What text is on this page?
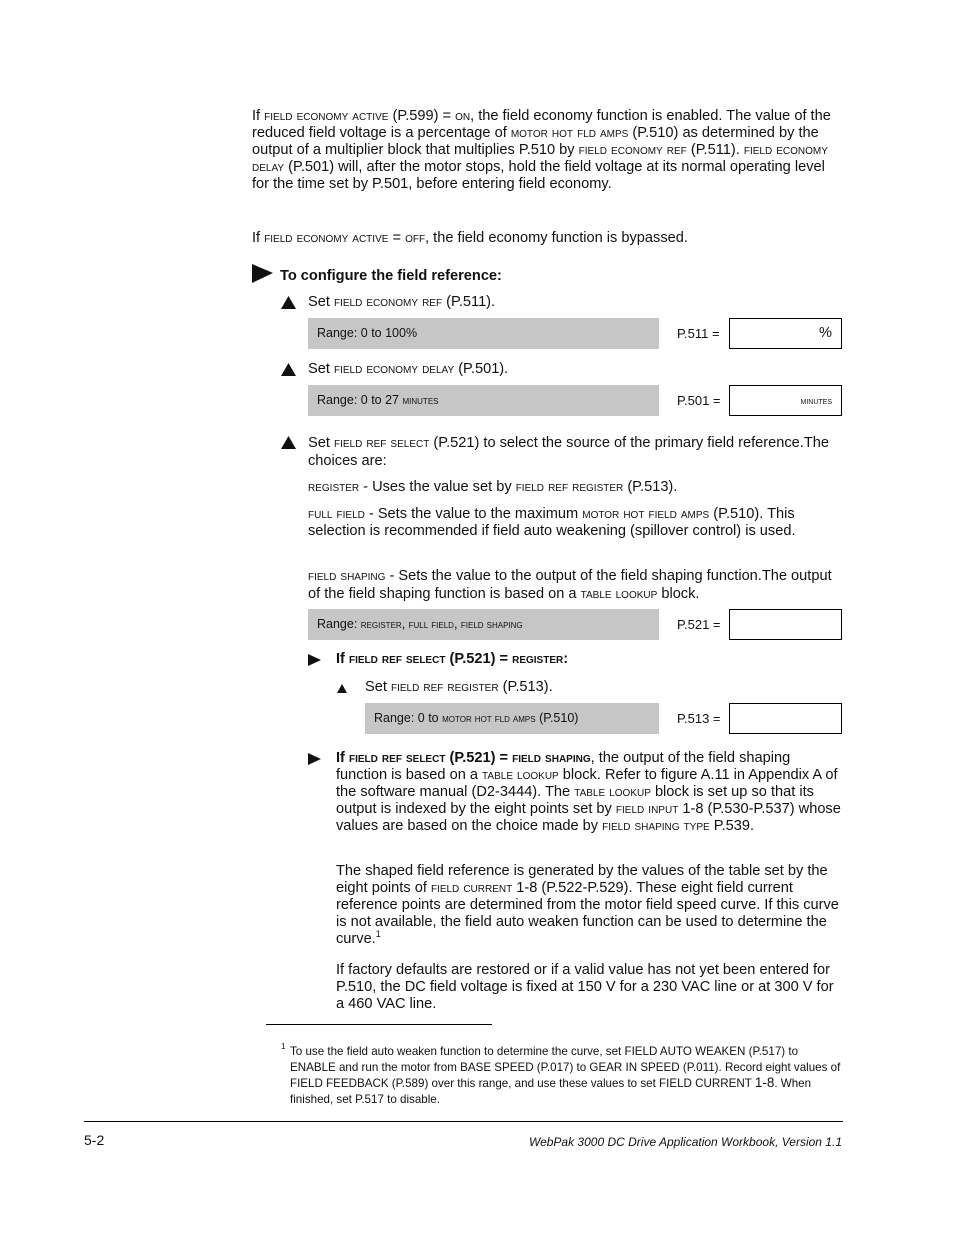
If field economy active (P.599) = on, the field economy function is enabled. The value of the reduced field voltage is a percentage of motor hot fld amps (P.510) as determined by the output of a multiplier block that multiplies P.510 by field economy ref (P.511). field economy delay (P.501) will, after the motor stops, hold the field voltage at its normal operating level for the time set by P.501, before entering field economy.

If field economy active = off, the field economy function is bypassed.

To configure the field reference:

Set field economy ref (P.511).

Range: 0 to 100%	P.511 =	%

Set field economy delay (P.501).

Range: 0 to 27 minutes	P.501 =	minutes

Set field ref select (P.521) to select the source of the primary field reference.The choices are:

register - Uses the value set by field ref register (P.513).

full field - Sets the value to the maximum motor hot field amps (P.510). This selection is recommended if field auto weakening (spillover control) is used.

field shaping - Sets the value to the output of the field shaping function.The output of the field shaping function is based on a table lookup block.

Range: register, full field, field shaping	P.521 =

If field ref select (P.521) = register:

Set field ref register (P.513).

Range: 0 to motor hot fld amps (P.510)	P.513 =

If field ref select (P.521) = field shaping, the output of the field shaping function is based on a table lookup block. Refer to figure A.11 in Appendix A of the software manual (D2-3444). The table lookup block is set up so that its output is indexed by the eight points set by field input 1-8 (P.530-P.537) whose values are based on the choice made by field shaping type P.539.

The shaped field reference is generated by the values of the table set by the eight points of field current 1-8 (P.522-P.529). These eight field current reference points are determined from the motor field speed curve. If this curve is not available, the field auto weaken function can be used to determine the curve.$^1$

If factory defaults are restored or if a valid value has not yet been entered for P.510, the DC field voltage is fixed at 150 V for a 230 VAC line or at 300 V for a 460 VAC line.

1 To use the field auto weaken function to determine the curve, set FIELD AUTO WEAKEN (P.517) to ENABLE and run the motor from BASE SPEED (P.017) to GEAR IN SPEED (P.011). Record eight values of FIELD FEEDBACK (P.589) over this range, and use these values to set FIELD CURRENT 1-8. When finished, set P.517 to disable.

5-2	WebPak 3000 DC Drive Application Workbook, Version 1.1
